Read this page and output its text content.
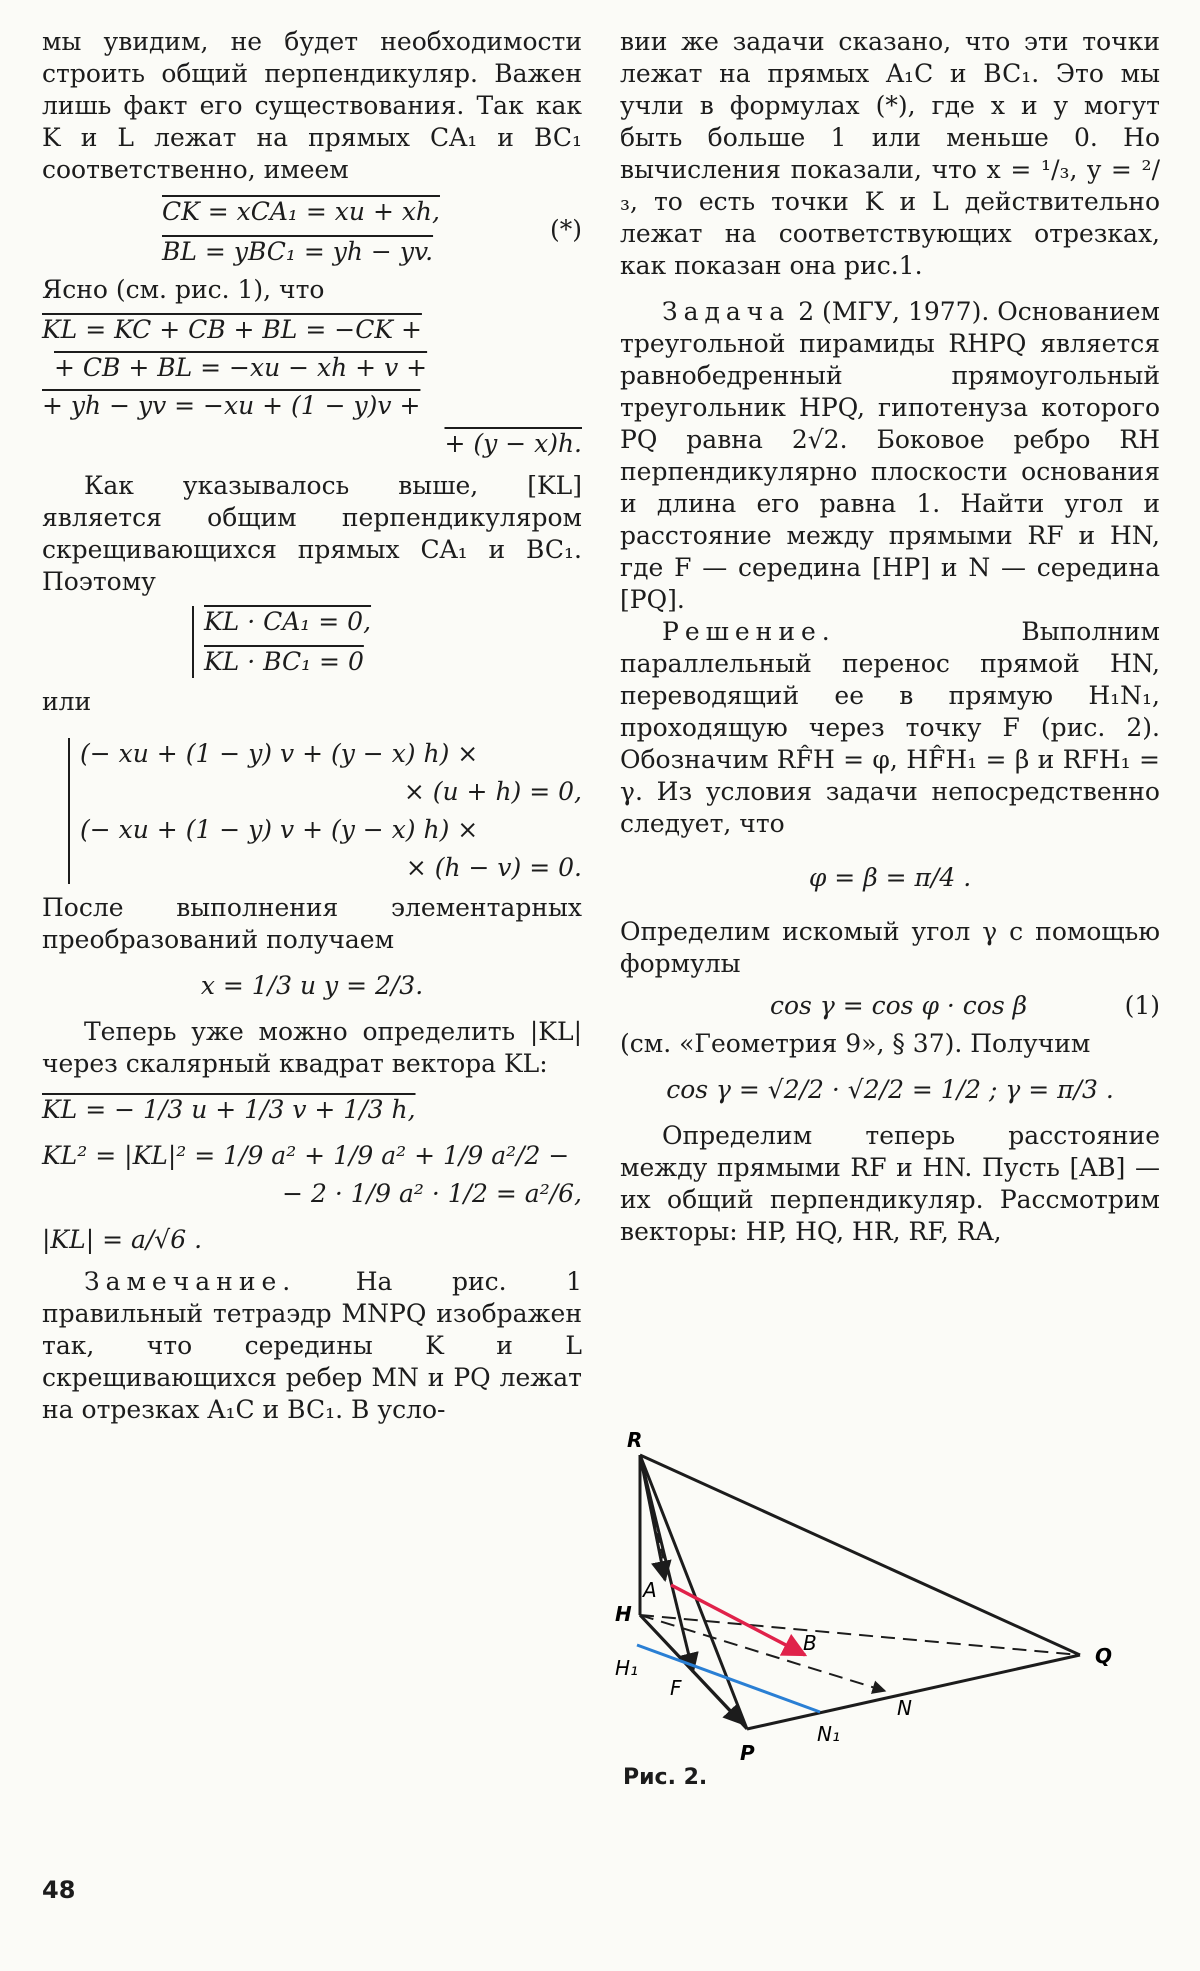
мы увидим, не будет необходимости строить общий перпендикуляр. Важен лишь факт его существования. Так как K и L лежат на прямых CA₁ и BC₁ соответственно, имеем

CK = xCA₁ = xu + xh,
BL = yBC₁ = yh − yv.
(*)

Ясно (см. рис. 1), что

KL = KC + CB + BL = −CK +
+ CB + BL = −xu − xh + v +
+ yh − yv = −xu + (1 − y)v +
+ (y − x)h.

Как указывалось выше, [KL] является общим перпендикуляром скрещивающихся прямых CA₁ и BC₁. Поэтому

KL · CA₁ = 0,
KL · BC₁ = 0

или

(− xu + (1 − y) v + (y − x) h) ×
× (u + h) = 0,
(− xu + (1 − y) v + (y − x) h) ×
× (h − v) = 0.

После выполнения элементарных преобразований получаем

x = 1/3 и y = 2/3.

Теперь уже можно определить |KL| через скалярный квадрат вектора KL:

KL = − 1/3 u + 1/3 v + 1/3 h,
KL² = |KL|² = 1/9 a² + 1/9 a² + 1/9 a²/2 −
− 2 · 1/9 a² · 1/2 = a²/6,
|KL| = a/√6 .

Замечание. На рис. 1 правильный тетраэдр MNPQ изображен так, что середины K и L скрещивающихся ребер MN и PQ лежат на отрезках A₁C и BC₁. В усло-

вии же задачи сказано, что эти точки лежат на прямых A₁C и BC₁. Это мы учли в формулах (*), где x и y могут быть больше 1 или меньше 0. Но вычисления показали, что x = ¹/₃, y = ²/₃, то есть точки K и L действительно лежат на соответствующих отрезках, как показан она рис.1.

Задача 2 (МГУ, 1977). Основанием треугольной пирамиды RHPQ является равнобедренный прямоугольный треугольник HPQ, гипотенуза которого PQ равна 2√2. Боковое ребро RH перпендикулярно плоскости основания и длина его равна 1. Найти угол и расстояние между прямыми RF и HN, где F — середина [HP] и N — середина [PQ].

Решение.	Выполним параллельный перенос прямой HN, переводящий ее в прямую H₁N₁, проходящую через точку F (рис. 2). Обозначим RF̂H = φ, HF̂H₁ = β и RFH₁ = γ. Из условия задачи непосредственно следует, что

φ = β = π/4 .

Определим искомый угол γ с помощью формулы

cos γ = cos φ · cos β	(1)

(см. «Геометрия 9», § 37). Получим

cos γ = √2/2 · √2/2 = 1/2 ; γ = π/3 .

Определим теперь расстояние между прямыми RF и HN. Пусть [AB] — их общий перпендикуляр. Рассмотрим векторы: HP, HQ, HR, RF, RA,

R
A
H
B
Q
H₁
F
N
N₁
P
Рис. 2.
48
